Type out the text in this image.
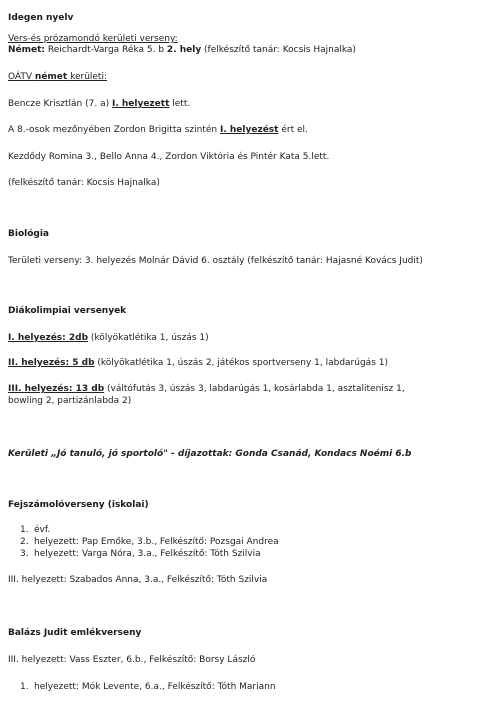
Idegen nyelv
Vers-és prózamondó kerületi verseny:
Német: Reichardt-Varga Réka 5. b 2. hely (felkészítő tanár: Kocsis Hajnalka)
OÁTV német kerületi:
Bencze Krisztlán (7. a) I. helyezett lett.
A 8.-osok mezőnyében Zordon Brigitta szintén I. helyezést ért el.
Kezdődy Romina 3., Bello Anna 4., Zordon Viktória és Pintér Kata 5.lett.
(felkészítő tanár: Kocsis Hajnalka)
Biológia
Területi verseny: 3. helyezés Molnár Dávid 6. osztály (felkészítő tanár: Hajasné Kovács Judit)
Diákolimpiai versenyek
I. helyezés: 2db (kölyökatlétika 1, úszás 1)
II. helyezés: 5 db (kölyökatlétika 1, úszás 2, játékos sportverseny 1, labdarúgás 1)
III. helyezés: 13 db (váltófutás 3, úszás 3, labdarúgás 1, kosárlabda 1, asztalitenisz 1,
bowling 2, partizánlabda 2)
Kerületi „Jó tanuló, jó sportoló" - díjazottak: Gonda Csanád, Kondacs Noémi 6.b
Fejszámolóverseny (iskolai)
1. évf.
2. helyezett: Pap Emőke, 3.b., Felkészítő: Pozsgai Andrea
3. helyezett: Varga Nóra, 3.a., Felkészítő: Tóth Szilvia
III. helyezett: Szabados Anna, 3.a., Felkészítő: Tóth Szilvia
Balázs Judit emlékverseny
III. helyezett: Vass Eszter, 6.b., Felkészítő: Borsy László
1. helyezett: Mók Levente, 6.a., Felkészítő: Tóth Mariann
